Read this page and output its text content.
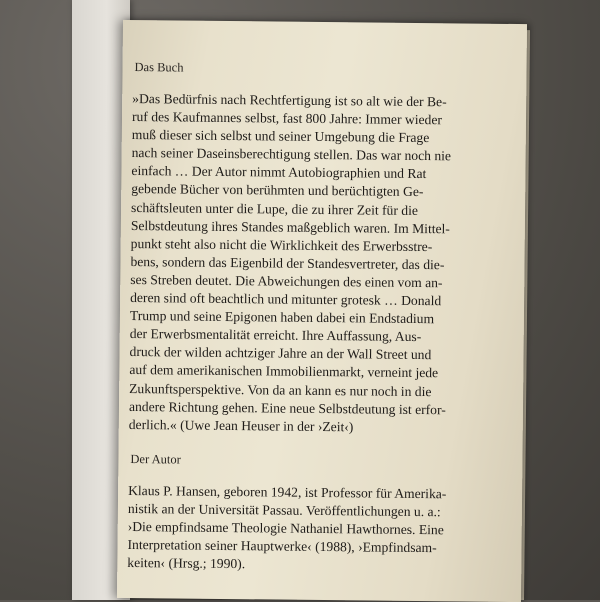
Das Buch
»Das Bedürfnis nach Rechtfertigung ist so alt wie der Be-
ruf des Kaufmannes selbst, fast 800 Jahre: Immer wieder
muß dieser sich selbst und seiner Umgebung die Frage
nach seiner Daseinsberechtigung stellen. Das war noch nie
einfach … Der Autor nimmt Autobiographien und Rat
gebende Bücher von berühmten und berüchtigten Ge-
schäftsleuten unter die Lupe, die zu ihrer Zeit für die
Selbstdeutung ihres Standes maßgeblich waren. Im Mittel-
punkt steht also nicht die Wirklichkeit des Erwerbsstre-
bens, sondern das Eigenbild der Standesvertreter, das die-
ses Streben deutet. Die Abweichungen des einen vom an-
deren sind oft beachtlich und mitunter grotesk … Donald
Trump und seine Epigonen haben dabei ein Endstadium
der Erwerbsmentalität erreicht. Ihre Auffassung, Aus-
druck der wilden achtziger Jahre an der Wall Street und
auf dem amerikanischen Immobilienmarkt, verneint jede
Zukunftsperspektive. Von da an kann es nur noch in die
andere Richtung gehen. Eine neue Selbstdeutung ist erfor-
derlich.« (Uwe Jean Heuser in der ›Zeit‹)
Der Autor
Klaus P. Hansen, geboren 1942, ist Professor für Amerika-
nistik an der Universität Passau. Veröffentlichungen u. a.:
›Die empfindsame Theologie Nathaniel Hawthornes. Eine
Interpretation seiner Hauptwerke‹ (1988), ›Empfindsam-
keiten‹ (Hrsg.; 1990).
